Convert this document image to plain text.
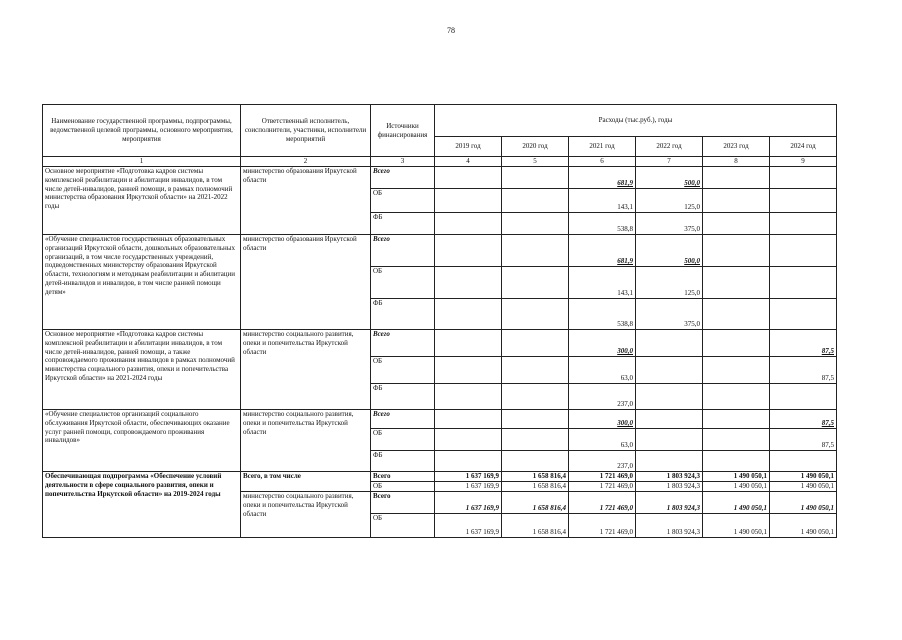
78
Наименование государственной программы, подпрограммы, ведомственной целевой программы, основного мероприятия, мероприятия	Ответственный исполнитель, соисполнители, участники, исполнители мероприятий	Источники финансирования	Расходы (тыс.руб.), годы					
			2019 год	2020 год	2021 год	2022 год	2023 год	2024 год
1	2	3	4	5	6	7	8	9
Основное мероприятие «Подготовка кадров системы комплексной реабилитации и абилитации инвалидов, в том числе детей-инвалидов, ранней помощи, в рамках полномочий министерства образования Иркутской области» на 2021-2022 годы	министерство образования Иркутской области	Всего			681,9	500,0		
		ОБ			143,1	125,0		
		ФБ			538,8	375,0		
«Обучение специалистов государственных образовательных организаций Иркутской области, дошкольных образовательных организаций, в том числе государственных учреждений, подведомственных министерству образования Иркутской области, технологиям и методикам реабилитации и абилитации детей-инвалидов и инвалидов, в том числе ранней помощи детям»	министерство образования Иркутской области	Всего			681,9	500,0		
		ОБ			143,1	125,0		
		ФБ			538,8	375,0		
Основное мероприятие «Подготовка кадров системы комплексной реабилитации и абилитации инвалидов, в том числе детей-инвалидов, ранней помощи, а также сопровождаемого проживания инвалидов в рамках полномочий министерства социального развития, опеки и попечительства Иркутской области» на 2021-2024 годы	министерство социального развития, опеки и попечительства Иркутской области	Всего			300,0			87,5
		ОБ			63,0			87,5
		ФБ			237,0			
«Обучение специалистов организаций социального обслуживания Иркутской области, обеспечивающих оказание услуг ранней помощи, сопровождаемого проживания инвалидов»	министерство социального развития, опеки и попечительства Иркутской области	Всего			300,0			87,5
		ОБ			63,0			87,5
		ФБ			237,0			
Обеспечивающая подпрограмма «Обеспечение условий деятельности в сфере социального развития, опеки и попечительства Иркутской области» на 2019-2024 годы	Всего, в том числе	Всего	1 637 169,9	1 658 816,4	1 721 469,0	1 803 924,3	1 490 050,1	1 490 050,1
		ОБ	1 637 169,9	1 658 816,4	1 721 469,0	1 803 924,3	1 490 050,1	1 490 050,1
	министерство социального развития, опеки и попечительства Иркутской области	Всего	1 637 169,9	1 658 816,4	1 721 469,0	1 803 924,3	1 490 050,1	1 490 050,1
		ОБ	1 637 169,9	1 658 816,4	1 721 469,0	1 803 924,3	1 490 050,1	1 490 050,1
